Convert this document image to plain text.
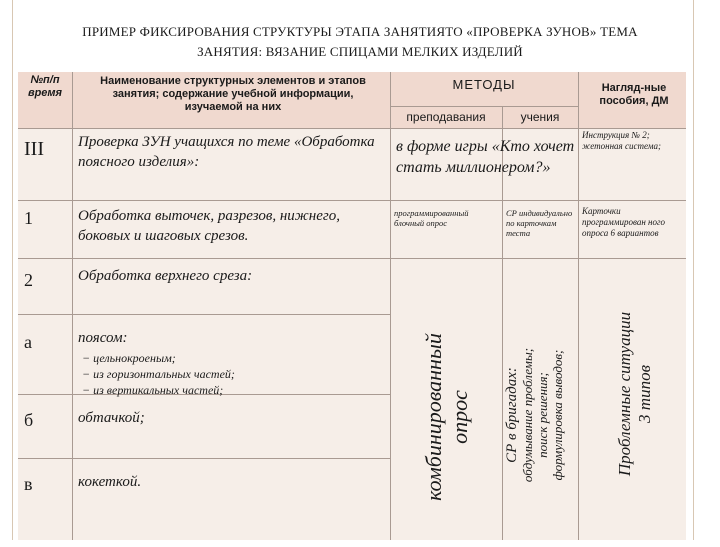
ПРИМЕР ФИКСИРОВАНИЯ СТРУКТУРЫ ЭТАПА ЗАНЯТИЯТО «ПРОВЕРКА ЗУНОВ» ТЕМА
ЗАНЯТИЯ: ВЯЗАНИЕ СПИЦАМИ МЕЛКИХ ИЗДЕЛИЙ
№п/п время
Наименование структурных элементов и этапов занятия; содержание учебной информации, изучаемой на них
МЕТОДЫ
преподавания	учения
Нагляд-ные пособия, ДМ
III
1
2
а
б
в
Проверка ЗУН учащихся по теме «Обработка поясного изделия»:
Обработка выточек, разрезов, нижнего, боковых и шаговых срезов.
Обработка верхнего среза:
поясом:
− цельнокроеным;
− из горизонтальных частей;
− из вертикальных частей;
обтачкой;
кокеткой.
в форме игры «Кто хочет стать миллионером?»
Инструкция № 2; жетонная система;
программированный блочный опрос
СР индивидуально по карточкам теста
Карточки программирован ного опроса 6 вариантов
комбинированный опрос СР в бригадах: обдумывание проблемы; поиск решения; формулировка выводов;	Проблемные ситуации 3 типов
